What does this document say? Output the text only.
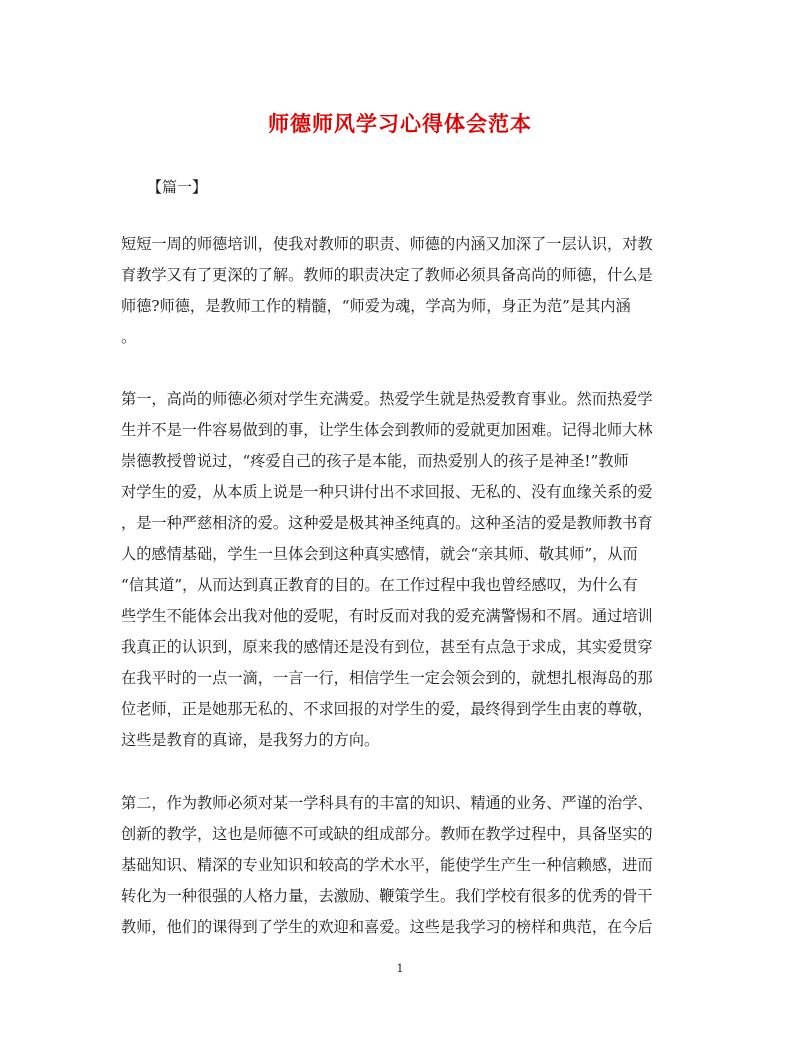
师德师风学习心得体会范本
【篇一】
短短一周的师德培训，使我对教师的职责、师德的内涵又加深了一层认识，对教
育教学又有了更深的了解。教师的职责决定了教师必须具备高尚的师德，什么是
师德?师德，是教师工作的精髓，“师爱为魂，学高为师，身正为范”是其内涵
。
第一，高尚的师德必须对学生充满爱。热爱学生就是热爱教育事业。然而热爱学
生并不是一件容易做到的事，让学生体会到教师的爱就更加困难。记得北师大林
崇德教授曾说过，“疼爱自己的孩子是本能，而热爱别人的孩子是神圣!”教师
对学生的爱，从本质上说是一种只讲付出不求回报、无私的、没有血缘关系的爱
，是一种严慈相济的爱。这种爱是极其神圣纯真的。这种圣洁的爱是教师教书育
人的感情基础，学生一旦体会到这种真实感情，就会“亲其师、敬其师”，从而
“信其道”，从而达到真正教育的目的。在工作过程中我也曾经感叹，为什么有
些学生不能体会出我对他的爱呢，有时反而对我的爱充满警惕和不屑。通过培训
我真正的认识到，原来我的感情还是没有到位，甚至有点急于求成，其实爱贯穿
在我平时的一点一滴，一言一行，相信学生一定会领会到的，就想扎根海岛的那
位老师，正是她那无私的、不求回报的对学生的爱，最终得到学生由衷的尊敬，
这些是教育的真谛，是我努力的方向。
第二，作为教师必须对某一学科具有的丰富的知识、精通的业务、严谨的治学、
创新的教学，这也是师德不可或缺的组成部分。教师在教学过程中，具备坚实的
基础知识、精深的专业知识和较高的学术水平，能使学生产生一种信赖感，进而
转化为一种很强的人格力量，去激励、鞭策学生。我们学校有很多的优秀的骨干
教师，他们的课得到了学生的欢迎和喜爱。这些是我学习的榜样和典范，在今后
1
